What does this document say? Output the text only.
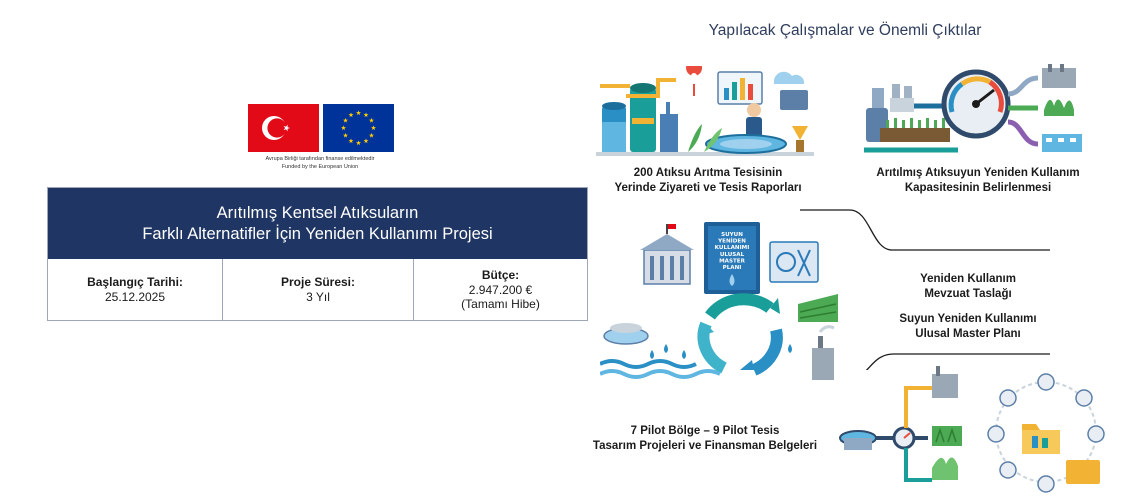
Avrupa Birliği tarafından finanse edilmektedir
Funded by the European Union
Arıtılmış Kentsel Atıksuların
Farklı Alternatifler İçin Yeniden Kullanımı Projesi
Başlangıç Tarihi:
25.12.2025
Proje Süresi:
3 Yıl
Bütçe:
2.947.200 €
(Tamamı Hibe)
Yapılacak Çalışmalar ve Önemli Çıktılar
SUYUN
YENİDEN
KULLANIMI
ULUSAL
MASTER
PLANI
200 Atıksu Arıtma Tesisinin
Yerinde Ziyareti ve Tesis Raporları
Arıtılmış Atıksuyun Yeniden Kullanım
Kapasitesinin Belirlenmesi
Yeniden Kullanım
Mevzuat Taslağı
Suyun Yeniden Kullanımı
Ulusal Master Planı
7 Pilot Bölge – 9 Pilot Tesis
Tasarım Projeleri ve Finansman Belgeleri
